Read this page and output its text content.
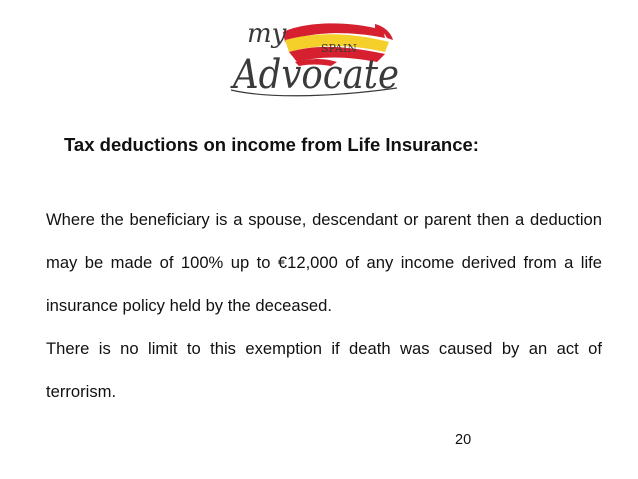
my	SPAIN
Advocate
Tax deductions on income from Life Insurance:
Where the beneficiary is a spouse, descendant or parent then a deduction may be made of 100% up to €12,000 of any income derived from a life insurance policy held by the deceased.
There is no limit to this exemption if death was caused by an act of terrorism.
20
